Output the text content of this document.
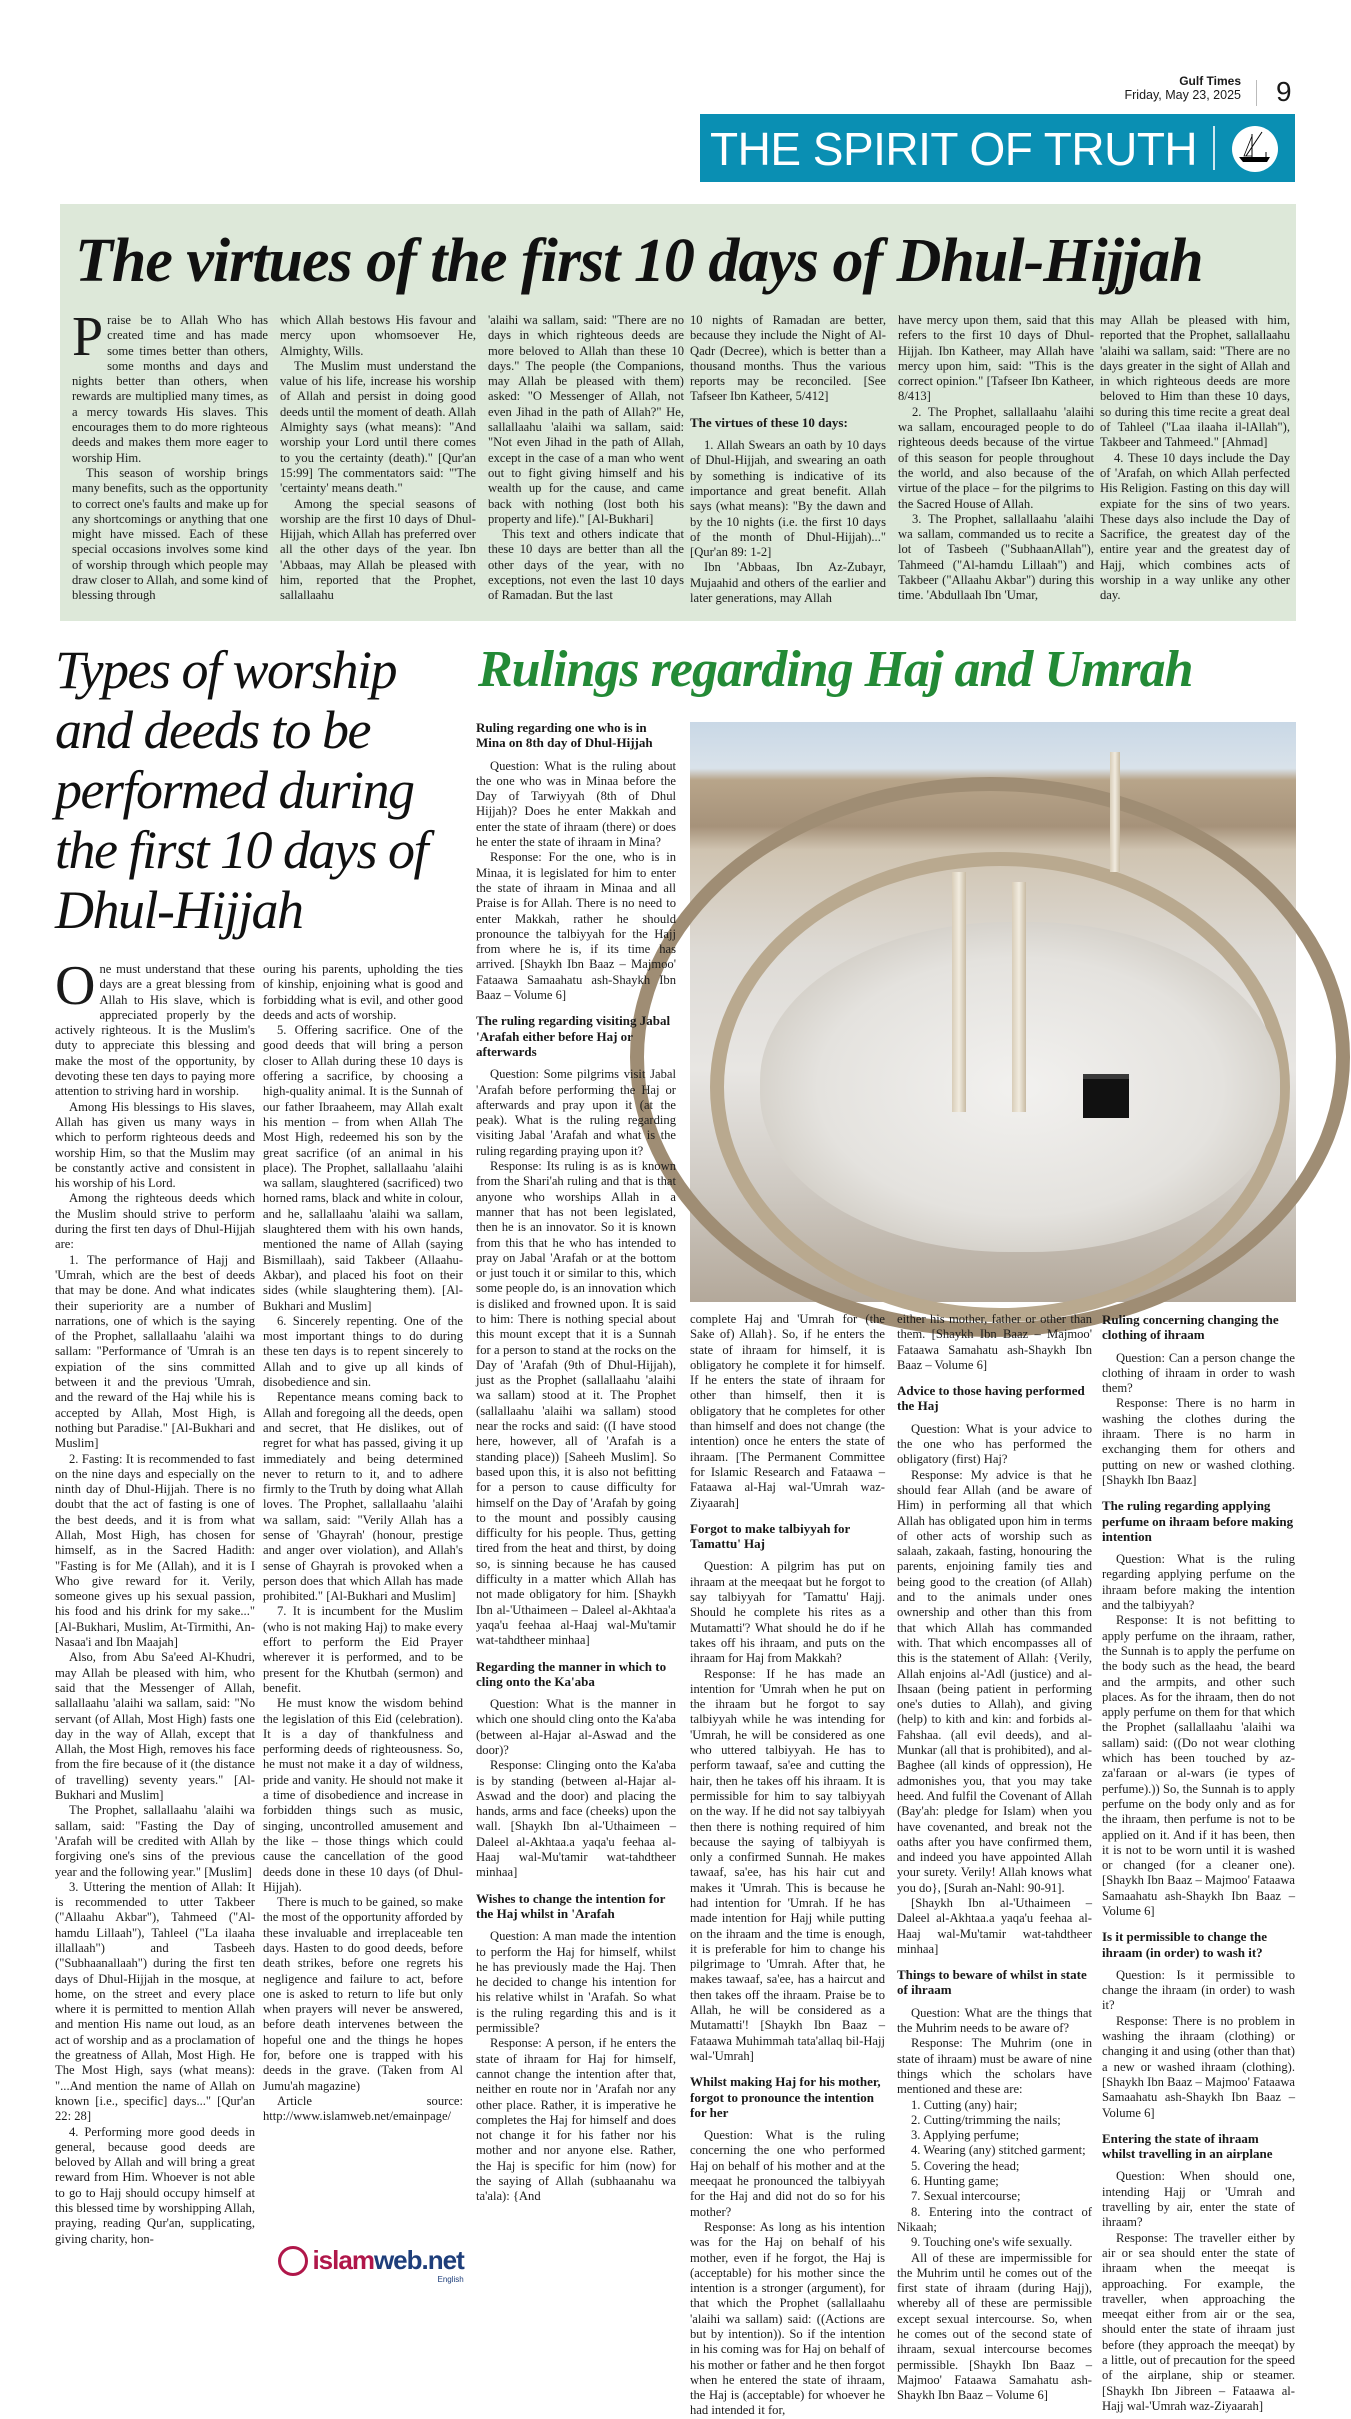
Gulf Times
Friday, May 23, 2025 9
THE SPIRIT OF TRUTH
The virtues of the first 10 days of Dhul-Hijjah

Praise be to Allah Who has created time and has made some times better than others, some months and days and nights better than others, when rewards are multiplied many times, as a mercy towards His slaves. This encourages them to do more righteous deeds and makes them more eager to worship Him.

This season of worship brings many benefits, such as the opportunity to correct one's faults and make up for any shortcomings or anything that one might have missed. Each of these special occasions involves some kind of worship through which people may draw closer to Allah, and some kind of blessing through

which Allah bestows His favour and mercy upon whomsoever He, Almighty, Wills.

The Muslim must understand the value of his life, increase his worship of Allah and persist in doing good deeds until the moment of death. Allah Almighty says (what means): "And worship your Lord until there comes to you the certainty (death)." [Qur'an 15:99] The commentators said: "'The 'certainty' means death."

Among the special seasons of worship are the first 10 days of Dhul-Hijjah, which Allah has preferred over all the other days of the year. Ibn 'Abbaas, may Allah be pleased with him, reported that the Prophet, sallallaahu

'alaihi wa sallam, said: "There are no days in which righteous deeds are more beloved to Allah than these 10 days." The people (the Companions, may Allah be pleased with them) asked: "O Messenger of Allah, not even Jihad in the path of Allah?" He, sallallaahu 'alaihi wa sallam, said: "Not even Jihad in the path of Allah, except in the case of a man who went out to fight giving himself and his wealth up for the cause, and came back with nothing (lost both his property and life)." [Al-Bukhari]

This text and others indicate that these 10 days are better than all the other days of the year, with no exceptions, not even the last 10 days of Ramadan. But the last

10 nights of Ramadan are better, because they include the Night of Al-Qadr (Decree), which is better than a thousand months. Thus the various reports may be reconciled. [See Tafseer Ibn Katheer, 5/412]

The virtues of these 10 days:

1. Allah Swears an oath by 10 days of Dhul-Hijjah, and swearing an oath by something is indicative of its importance and great benefit. Allah says (what means): "By the dawn and by the 10 nights (i.e. the first 10 days of the month of Dhul-Hijjah)..." [Qur'an 89: 1-2]

Ibn 'Abbaas, Ibn Az-Zubayr, Mujaahid and others of the earlier and later generations, may Allah

have mercy upon them, said that this refers to the first 10 days of Dhul-Hijjah. Ibn Katheer, may Allah have mercy upon him, said: "This is the correct opinion." [Tafseer Ibn Katheer, 8/413]

2. The Prophet, sallallaahu 'alaihi wa sallam, encouraged people to do righteous deeds because of the virtue of this season for people throughout the world, and also because of the virtue of the place – for the pilgrims to the Sacred House of Allah.

3. The Prophet, sallallaahu 'alaihi wa sallam, commanded us to recite a lot of Tasbeeh ("SubhaanAllah"), Tahmeed ("Al-hamdu Lillaah") and Takbeer ("Allaahu Akbar") during this time. 'Abdullaah Ibn 'Umar,

may Allah be pleased with him, reported that the Prophet, sallallaahu 'alaihi wa sallam, said: "There are no days greater in the sight of Allah and in which righteous deeds are more beloved to Him than these 10 days, so during this time recite a great deal of Tahleel ("Laa ilaaha il-lAllah"), Takbeer and Tahmeed." [Ahmad]

4. These 10 days include the Day of 'Arafah, on which Allah perfected His Religion. Fasting on this day will expiate for the sins of two years. These days also include the Day of Sacrifice, the greatest day of the entire year and the greatest day of Hajj, which combines acts of worship in a way unlike any other day.

Types of worship
and deeds to be
performed during
the first 10 days of
Dhul-Hijjah
Rulings regarding Haj and Umrah

One must understand that these days are a great blessing from Allah to His slave, which is appreciated properly by the actively righteous. It is the Muslim's duty to appreciate this blessing and make the most of the opportunity, by devoting these ten days to paying more attention to striving hard in worship.

Among His blessings to His slaves, Allah has given us many ways in which to perform righteous deeds and worship Him, so that the Muslim may be constantly active and consistent in his worship of his Lord.

Among the righteous deeds which the Muslim should strive to perform during the first ten days of Dhul-Hijjah are:

1. The performance of Hajj and 'Umrah, which are the best of deeds that may be done. And what indicates their superiority are a number of narrations, one of which is the saying of the Prophet, sallallaahu 'alaihi wa sallam: "Performance of 'Umrah is an expiation of the sins committed between it and the previous 'Umrah, and the reward of the Haj while his is accepted by Allah, Most High, is nothing but Paradise." [Al-Bukhari and Muslim]

2. Fasting: It is recommended to fast on the nine days and especially on the ninth day of Dhul-Hijjah. There is no doubt that the act of fasting is one of the best deeds, and it is from what Allah, Most High, has chosen for himself, as in the Sacred Hadith: "Fasting is for Me (Allah), and it is I Who give reward for it. Verily, someone gives up his sexual passion, his food and his drink for my sake..." [Al-Bukhari, Muslim, At-Tirmithi, An-Nasaa'i and Ibn Maajah]

Also, from Abu Sa'eed Al-Khudri, may Allah be pleased with him, who said that the Messenger of Allah, sallallaahu 'alaihi wa sallam, said: "No servant (of Allah, Most High) fasts one day in the way of Allah, except that Allah, the Most High, removes his face from the fire because of it (the distance of travelling) seventy years." [Al-Bukhari and Muslim]

The Prophet, sallallaahu 'alaihi wa sallam, said: "Fasting the Day of 'Arafah will be credited with Allah by forgiving one's sins of the previous year and the following year." [Muslim]

3. Uttering the mention of Allah: It is recommended to utter Takbeer ("Allaahu Akbar"), Tahmeed ("Al-hamdu Lillaah"), Tahleel ("La ilaaha illallaah") and Tasbeeh ("Subhaanallaah") during the first ten days of Dhul-Hijjah in the mosque, at home, on the street and every place where it is permitted to mention Allah and mention His name out loud, as an act of worship and as a proclamation of the greatness of Allah, Most High. He The Most High, says (what means): "...And mention the name of Allah on known [i.e., specific] days..." [Qur'an 22: 28]

4. Performing more good deeds in general, because good deeds are beloved by Allah and will bring a great reward from Him. Whoever is not able to go to Hajj should occupy himself at this blessed time by worshipping Allah, praying, reading Qur'an, supplicating, giving charity, hon-

ouring his parents, upholding the ties of kinship, enjoining what is good and forbidding what is evil, and other good deeds and acts of worship.

5. Offering sacrifice. One of the good deeds that will bring a person closer to Allah during these 10 days is offering a sacrifice, by choosing a high-quality animal. It is the Sunnah of our father Ibraaheem, may Allah exalt his mention – from when Allah The Most High, redeemed his son by the great sacrifice (of an animal in his place). The Prophet, sallallaahu 'alaihi wa sallam, slaughtered (sacrificed) two horned rams, black and white in colour, and he, sallallaahu 'alaihi wa sallam, slaughtered them with his own hands, mentioned the name of Allah (saying Bismillaah), said Takbeer (Allaahu-Akbar), and placed his foot on their sides (while slaughtering them). [Al-Bukhari and Muslim]

6. Sincerely repenting. One of the most important things to do during these ten days is to repent sincerely to Allah and to give up all kinds of disobedience and sin.

Repentance means coming back to Allah and foregoing all the deeds, open and secret, that He dislikes, out of regret for what has passed, giving it up immediately and being determined never to return to it, and to adhere firmly to the Truth by doing what Allah loves. The Prophet, sallallaahu 'alaihi wa sallam, said: "Verily Allah has a sense of 'Ghayrah' (honour, prestige and anger over violation), and Allah's sense of Ghayrah is provoked when a person does that which Allah has made prohibited." [Al-Bukhari and Muslim]

7. It is incumbent for the Muslim (who is not making Haj) to make every effort to perform the Eid Prayer wherever it is performed, and to be present for the Khutbah (sermon) and benefit.

He must know the wisdom behind the legislation of this Eid (celebration). It is a day of thankfulness and performing deeds of righteousness. So, he must not make it a day of wildness, pride and vanity. He should not make it a time of disobedience and increase in forbidden things such as music, singing, uncontrolled amusement and the like – those things which could cause the cancellation of the good deeds done in these 10 days (of Dhul-Hijjah).

There is much to be gained, so make the most of the opportunity afforded by these invaluable and irreplaceable ten days. Hasten to do good deeds, before death strikes, before one regrets his negligence and failure to act, before one is asked to return to life but only when prayers will never be answered, before death intervenes between the hopeful one and the things he hopes for, before one is trapped with his deeds in the grave. (Taken from Al Jumu'ah magazine)

Article source: http://www.islamweb.net/emainpage/

Ruling regarding one who is in Mina on 8th day of Dhul-Hijjah

Question: What is the ruling about the one who was in Minaa before the Day of Tarwiyyah (8th of Dhul Hijjah)? Does he enter Makkah and enter the state of ihraam (there) or does he enter the state of ihraam in Mina?

Response: For the one, who is in Minaa, it is legislated for him to enter the state of ihraam in Minaa and all Praise is for Allah. There is no need to enter Makkah, rather he should pronounce the talbiyyah for the Hajj from where he is, if its time has arrived. [Shaykh Ibn Baaz – Majmoo' Fataawa Samaahatu ash-Shaykh Ibn Baaz – Volume 6]

The ruling regarding visiting Jabal 'Arafah either before Haj or afterwards

Question: Some pilgrims visit Jabal 'Arafah before performing the Haj or afterwards and pray upon it (at the peak). What is the ruling regarding visiting Jabal 'Arafah and what is the ruling regarding praying upon it?

Response: Its ruling is as is known from the Shari'ah ruling and that is that anyone who worships Allah in a manner that has not been legislated, then he is an innovator. So it is known from this that he who has intended to pray on Jabal 'Arafah or at the bottom or just touch it or similar to this, which some people do, is an innovation which is disliked and frowned upon. It is said to him: There is nothing special about this mount except that it is a Sunnah for a person to stand at the rocks on the Day of 'Arafah (9th of Dhul-Hijjah), just as the Prophet (sallallaahu 'alaihi wa sallam) stood at it. The Prophet (sallallaahu 'alaihi wa sallam) stood near the rocks and said: ((I have stood here, however, all of 'Arafah is a standing place)) [Saheeh Muslim]. So based upon this, it is also not befitting for a person to cause difficulty for himself on the Day of 'Arafah by going to the mount and possibly causing difficulty for his people. Thus, getting tired from the heat and thirst, by doing so, is sinning because he has caused difficulty in a matter which Allah has not made obligatory for him. [Shaykh Ibn al-'Uthaimeen – Daleel al-Akhtaa'a yaqa'u feehaa al-Haaj wal-Mu'tamir wat-tahdtheer minhaa]

Regarding the manner in which to cling onto the Ka'aba

Question: What is the manner in which one should cling onto the Ka'aba (between al-Hajar al-Aswad and the door)?

Response: Clinging onto the Ka'aba is by standing (between al-Hajar al-Aswad and the door) and placing the hands, arms and face (cheeks) upon the wall. [Shaykh Ibn al-'Uthaimeen – Daleel al-Akhtaa.a yaqa'u feehaa al-Haaj wal-Mu'tamir wat-tahdtheer minhaa]

Wishes to change the intention for the Haj whilst in 'Arafah

Question: A man made the intention to perform the Haj for himself, whilst he has previously made the Haj. Then he decided to change his intention for his relative whilst in 'Arafah. So what is the ruling regarding this and is it permissible?

Response: A person, if he enters the state of ihraam for Haj for himself, cannot change the intention after that, neither en route nor in 'Arafah nor any other place. Rather, it is imperative he completes the Haj for himself and does not change it for his father nor his mother and nor anyone else. Rather, the Haj is specific for him (now) for the saying of Allah (subhaanahu wa ta'ala): {And

complete Haj and 'Umrah for (the Sake of) Allah}. So, if he enters the state of ihraam for himself, it is obligatory he complete it for himself. If he enters the state of ihraam for other than himself, then it is obligatory that he completes for other than himself and does not change (the intention) once he enters the state of ihraam. [The Permanent Committee for Islamic Research and Fataawa – Fataawa al-Haj wal-'Umrah waz-Ziyaarah]

Forgot to make talbiyyah for Tamattu' Haj

Question: A pilgrim has put on ihraam at the meeqaat but he forgot to say talbiyyah for 'Tamattu' Hajj. Should he complete his rites as a Mutamatti'? What should he do if he takes off his ihraam, and puts on the ihraam for Haj from Makkah?

Response: If he has made an intention for 'Umrah when he put on the ihraam but he forgot to say talbiyyah while he was intending for 'Umrah, he will be considered as one who uttered talbiyyah. He has to perform tawaaf, sa'ee and cutting the hair, then he takes off his ihraam. It is permissible for him to say talbiyyah on the way. If he did not say talbiyyah then there is nothing required of him because the saying of talbiyyah is only a confirmed Sunnah. He makes tawaaf, sa'ee, has his hair cut and makes it 'Umrah. This is because he had intention for 'Umrah. If he has made intention for Hajj while putting on the ihraam and the time is enough, it is preferable for him to change his pilgrimage to 'Umrah. After that, he makes tawaaf, sa'ee, has a haircut and then takes off the ihraam. Praise be to Allah, he will be considered as a Mutamatti'! [Shaykh Ibn Baaz – Fataawa Muhimmah tata'allaq bil-Hajj wal-'Umrah]

Whilst making Haj for his mother, forgot to pronounce the intention for her

Question: What is the ruling concerning the one who performed Haj on behalf of his mother and at the meeqaat he pronounced the talbiyyah for the Haj and did not do so for his mother?

Response: As long as his intention was for the Haj on behalf of his mother, even if he forgot, the Haj is (acceptable) for his mother since the intention is a stronger (argument), for that which the Prophet (sallallaahu 'alaihi wa sallam) said: ((Actions are but by intention)). So if the intention in his coming was for Haj on behalf of his mother or father and he then forgot when he entered the state of ihraam, the Haj is (acceptable) for whoever he had intended it for,

either his mother, father or other than them. [Shaykh Ibn Baaz – Majmoo' Fataawa Samahatu ash-Shaykh Ibn Baaz – Volume 6]

Advice to those having performed the Haj

Question: What is your advice to the one who has performed the obligatory (first) Haj?

Response: My advice is that he should fear Allah (and be aware of Him) in performing all that which Allah has obligated upon him in terms of other acts of worship such as salaah, zakaah, fasting, honouring the parents, enjoining family ties and being good to the creation (of Allah) and to the animals under ones ownership and other than this from that which Allah has commanded with. That which encompasses all of this is the statement of Allah: {Verily, Allah enjoins al-'Adl (justice) and al-Ihsaan (being patient in performing one's duties to Allah), and giving (help) to kith and kin: and forbids al-Fahshaa. (all evil deeds), and al-Munkar (all that is prohibited), and al-Baghee (all kinds of oppression), He admonishes you, that you may take heed. And fulfil the Covenant of Allah (Bay'ah: pledge for Islam) when you have covenanted, and break not the oaths after you have confirmed them, and indeed you have appointed Allah your surety. Verily! Allah knows what you do}, [Surah an-Nahl: 90-91].

[Shaykh Ibn al-'Uthaimeen – Daleel al-Akhtaa.a yaqa'u feehaa al-Haaj wal-Mu'tamir wat-tahdtheer minhaa]

Things to beware of whilst in state of ihraam

Question: What are the things that the Muhrim needs to be aware of?

Response: The Muhrim (one in state of ihraam) must be aware of nine things which the scholars have mentioned and these are:

1. Cutting (any) hair;

2. Cutting/trimming the nails;

3. Applying perfume;

4. Wearing (any) stitched garment;

5. Covering the head;

6. Hunting game;

7. Sexual intercourse;

8. Entering into the contract of Nikaah;

9. Touching one's wife sexually.

All of these are impermissible for the Muhrim until he comes out of the first state of ihraam (during Hajj), whereby all of these are permissible except sexual intercourse. So, when he comes out of the second state of ihraam, sexual intercourse becomes permissible. [Shaykh Ibn Baaz – Majmoo' Fataawa Samahatu ash-Shaykh Ibn Baaz – Volume 6]

Ruling concerning changing the clothing of ihraam

Question: Can a person change the clothing of ihraam in order to wash them?

Response: There is no harm in washing the clothes during the ihraam. There is no harm in exchanging them for others and putting on new or washed clothing. [Shaykh Ibn Baaz]

The ruling regarding applying perfume on ihraam before making intention

Question: What is the ruling regarding applying perfume on the ihraam before making the intention and the talbiyyah?

Response: It is not befitting to apply perfume on the ihraam, rather, the Sunnah is to apply the perfume on the body such as the head, the beard and the armpits, and other such places. As for the ihraam, then do not apply perfume on them for that which the Prophet (sallallaahu 'alaihi wa sallam) said: ((Do not wear clothing which has been touched by az-za'faraan or al-wars (ie types of perfume).)) So, the Sunnah is to apply perfume on the body only and as for the ihraam, then perfume is not to be applied on it. And if it has been, then it is not to be worn until it is washed or changed (for a cleaner one). [Shaykh Ibn Baaz – Majmoo' Fataawa Samaahatu ash-Shaykh Ibn Baaz – Volume 6]

Is it permissible to change the ihraam (in order) to wash it?

Question: Is it permissible to change the ihraam (in order) to wash it?

Response: There is no problem in washing the ihraam (clothing) or changing it and using (other than that) a new or washed ihraam (clothing). [Shaykh Ibn Baaz – Majmoo' Fataawa Samaahatu ash-Shaykh Ibn Baaz – Volume 6]

Entering the state of ihraam whilst travelling in an airplane

Question: When should one, intending Hajj or 'Umrah and travelling by air, enter the state of ihraam?

Response: The traveller either by air or sea should enter the state of ihraam when the meeqat is approaching. For example, the traveller, when approaching the meeqat either from air or the sea, should enter the state of ihraam just before (they approach the meeqat) by a little, out of precaution for the speed of the airplane, ship or steamer. [Shaykh Ibn Jibreen – Fataawa al-Hajj wal-'Umrah waz-Ziyaarah]

islamweb.net
English
